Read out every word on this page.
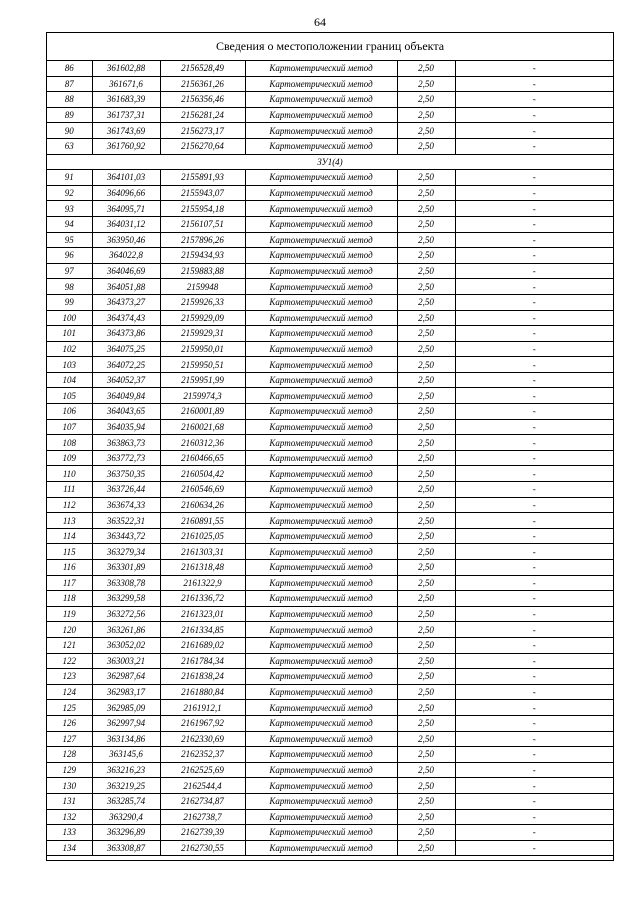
64
Сведения о местоположении границ объекта
86	361602,88	2156528,49	Картометрический метод	2,50	-
87	361671,6	2156361,26	Картометрический метод	2,50	-
88	361683,39	2156356,46	Картометрический метод	2,50	-
89	361737,31	2156281,24	Картометрический метод	2,50	-
90	361743,69	2156273,17	Картометрический метод	2,50	-
63	361760,92	2156270,64	Картометрический метод	2,50	-
ЗУ1(4)					
91	364101,03	2155891,93	Картометрический метод	2,50	-
92	364096,66	2155943,07	Картометрический метод	2,50	-
93	364095,71	2155954,18	Картометрический метод	2,50	-
94	364031,12	2156107,51	Картометрический метод	2,50	-
95	363950,46	2157896,26	Картометрический метод	2,50	-
96	364022,8	2159434,93	Картометрический метод	2,50	-
97	364046,69	2159883,88	Картометрический метод	2,50	-
98	364051,88	2159948	Картометрический метод	2,50	-
99	364373,27	2159926,33	Картометрический метод	2,50	-
100	364374,43	2159929,09	Картометрический метод	2,50	-
101	364373,86	2159929,31	Картометрический метод	2,50	-
102	364075,25	2159950,01	Картометрический метод	2,50	-
103	364072,25	2159950,51	Картометрический метод	2,50	-
104	364052,37	2159951,99	Картометрический метод	2,50	-
105	364049,84	2159974,3	Картометрический метод	2,50	-
106	364043,65	2160001,89	Картометрический метод	2,50	-
107	364035,94	2160021,68	Картометрический метод	2,50	-
108	363863,73	2160312,36	Картометрический метод	2,50	-
109	363772,73	2160466,65	Картометрический метод	2,50	-
110	363750,35	2160504,42	Картометрический метод	2,50	-
111	363726,44	2160546,69	Картометрический метод	2,50	-
112	363674,33	2160634,26	Картометрический метод	2,50	-
113	363522,31	2160891,55	Картометрический метод	2,50	-
114	363443,72	2161025,05	Картометрический метод	2,50	-
115	363279,34	2161303,31	Картометрический метод	2,50	-
116	363301,89	2161318,48	Картометрический метод	2,50	-
117	363308,78	2161322,9	Картометрический метод	2,50	-
118	363299,58	2161336,72	Картометрический метод	2,50	-
119	363272,56	2161323,01	Картометрический метод	2,50	-
120	363261,86	2161334,85	Картометрический метод	2,50	-
121	363052,02	2161689,02	Картометрический метод	2,50	-
122	363003,21	2161784,34	Картометрический метод	2,50	-
123	362987,64	2161838,24	Картометрический метод	2,50	-
124	362983,17	2161880,84	Картометрический метод	2,50	-
125	362985,09	2161912,1	Картометрический метод	2,50	-
126	362997,94	2161967,92	Картометрический метод	2,50	-
127	363134,86	2162330,69	Картометрический метод	2,50	-
128	363145,6	2162352,37	Картометрический метод	2,50	-
129	363216,23	2162525,69	Картометрический метод	2,50	-
130	363219,25	2162544,4	Картометрический метод	2,50	-
131	363285,74	2162734,87	Картометрический метод	2,50	-
132	363290,4	2162738,7	Картометрический метод	2,50	-
133	363296,89	2162739,39	Картометрический метод	2,50	-
134	363308,87	2162730,55	Картометрический метод	2,50	-
